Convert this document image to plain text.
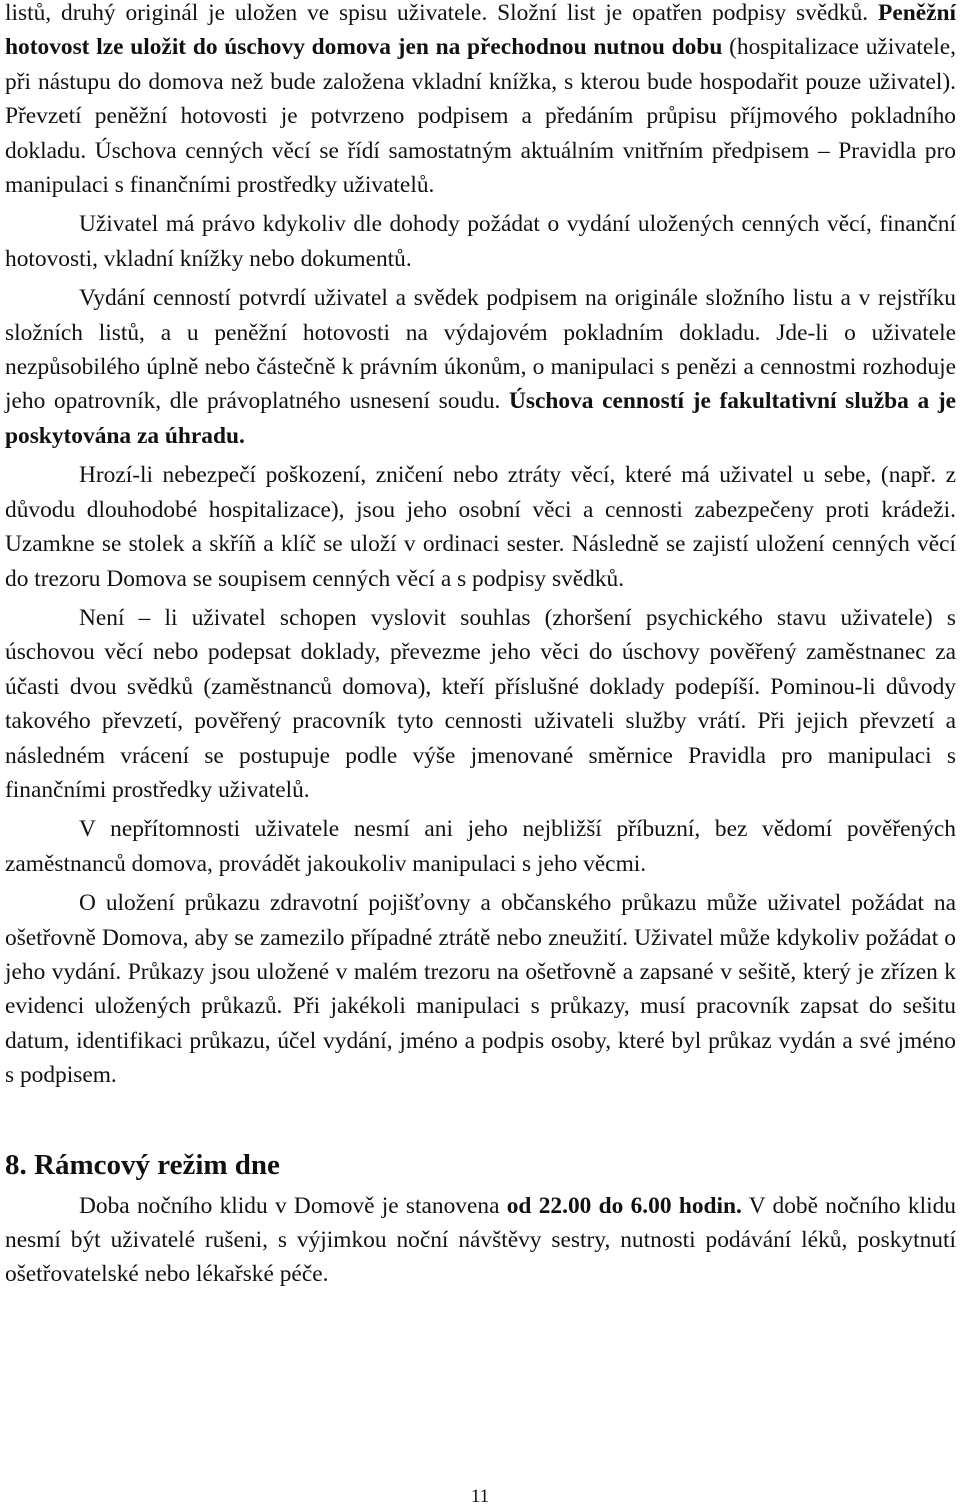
listů, druhý originál je uložen ve spisu uživatele. Složní list je opatřen podpisy svědků. Peněžní hotovost lze uložit do úschovy domova jen na přechodnou nutnou dobu (hospitalizace uživatele, při nástupu do domova než bude založena vkladní knížka, s kterou bude hospodařit pouze uživatel). Převzetí peněžní hotovosti je potvrzeno podpisem a předáním průpisu příjmového pokladního dokladu. Úschova cenných věcí se řídí samostatným aktuálním vnitřním předpisem – Pravidla pro manipulaci s finančními prostředky uživatelů.

Uživatel má právo kdykoliv dle dohody požádat o vydání uložených cenných věcí, finanční hotovosti, vkladní knížky nebo dokumentů.

Vydání cenností potvrdí uživatel a svědek podpisem na originále složního listu a v rejstříku složních listů, a u peněžní hotovosti na výdajovém pokladním dokladu. Jde-li o uživatele nezpůsobilého úplně nebo částečně k právním úkonům, o manipulaci s penězi a cennostmi rozhoduje jeho opatrovník, dle právoplatného usnesení soudu. Úschova cenností je fakultativní služba a je poskytována za úhradu.

Hrozí-li nebezpečí poškození, zničení nebo ztráty věcí, které má uživatel u sebe, (např. z důvodu dlouhodobé hospitalizace), jsou jeho osobní věci a cennosti zabezpečeny proti krádeži. Uzamkne se stolek a skříň a klíč se uloží v ordinaci sester. Následně se zajistí uložení cenných věcí do trezoru Domova se soupisem cenných věcí a s podpisy svědků.

Není – li uživatel schopen vyslovit souhlas (zhoršení psychického stavu uživatele) s úschovou věcí nebo podepsat doklady, převezme jeho věci do úschovy pověřený zaměstnanec za účasti dvou svědků (zaměstnanců domova), kteří příslušné doklady podepíší. Pominou-li důvody takového převzetí, pověřený pracovník tyto cennosti uživateli služby vrátí. Při jejich převzetí a následném vrácení se postupuje podle výše jmenované směrnice Pravidla pro manipulaci s finančními prostředky uživatelů.

V nepřítomnosti uživatele nesmí ani jeho nejbližší příbuzní, bez vědomí pověřených zaměstnanců domova, provádět jakoukoliv manipulaci s jeho věcmi.

O uložení průkazu zdravotní pojišťovny a občanského průkazu může uživatel požádat na ošetřovně Domova, aby se zamezilo případné ztrátě nebo zneužití. Uživatel může kdykoliv požádat o jeho vydání. Průkazy jsou uložené v malém trezoru na ošetřovně a zapsané v sešitě, který je zřízen k evidenci uložených průkazů. Při jakékoli manipulaci s průkazy, musí pracovník zapsat do sešitu datum, identifikaci průkazu, účel vydání, jméno a podpis osoby, které byl průkaz vydán a své jméno s podpisem.

8. Rámcový režim dne

Doba nočního klidu v Domově je stanovena od 22.00 do 6.00 hodin. V době nočního klidu nesmí být uživatelé rušeni, s výjimkou noční návštěvy sestry, nutnosti podávání léků, poskytnutí ošetřovatelské nebo lékařské péče.

11
